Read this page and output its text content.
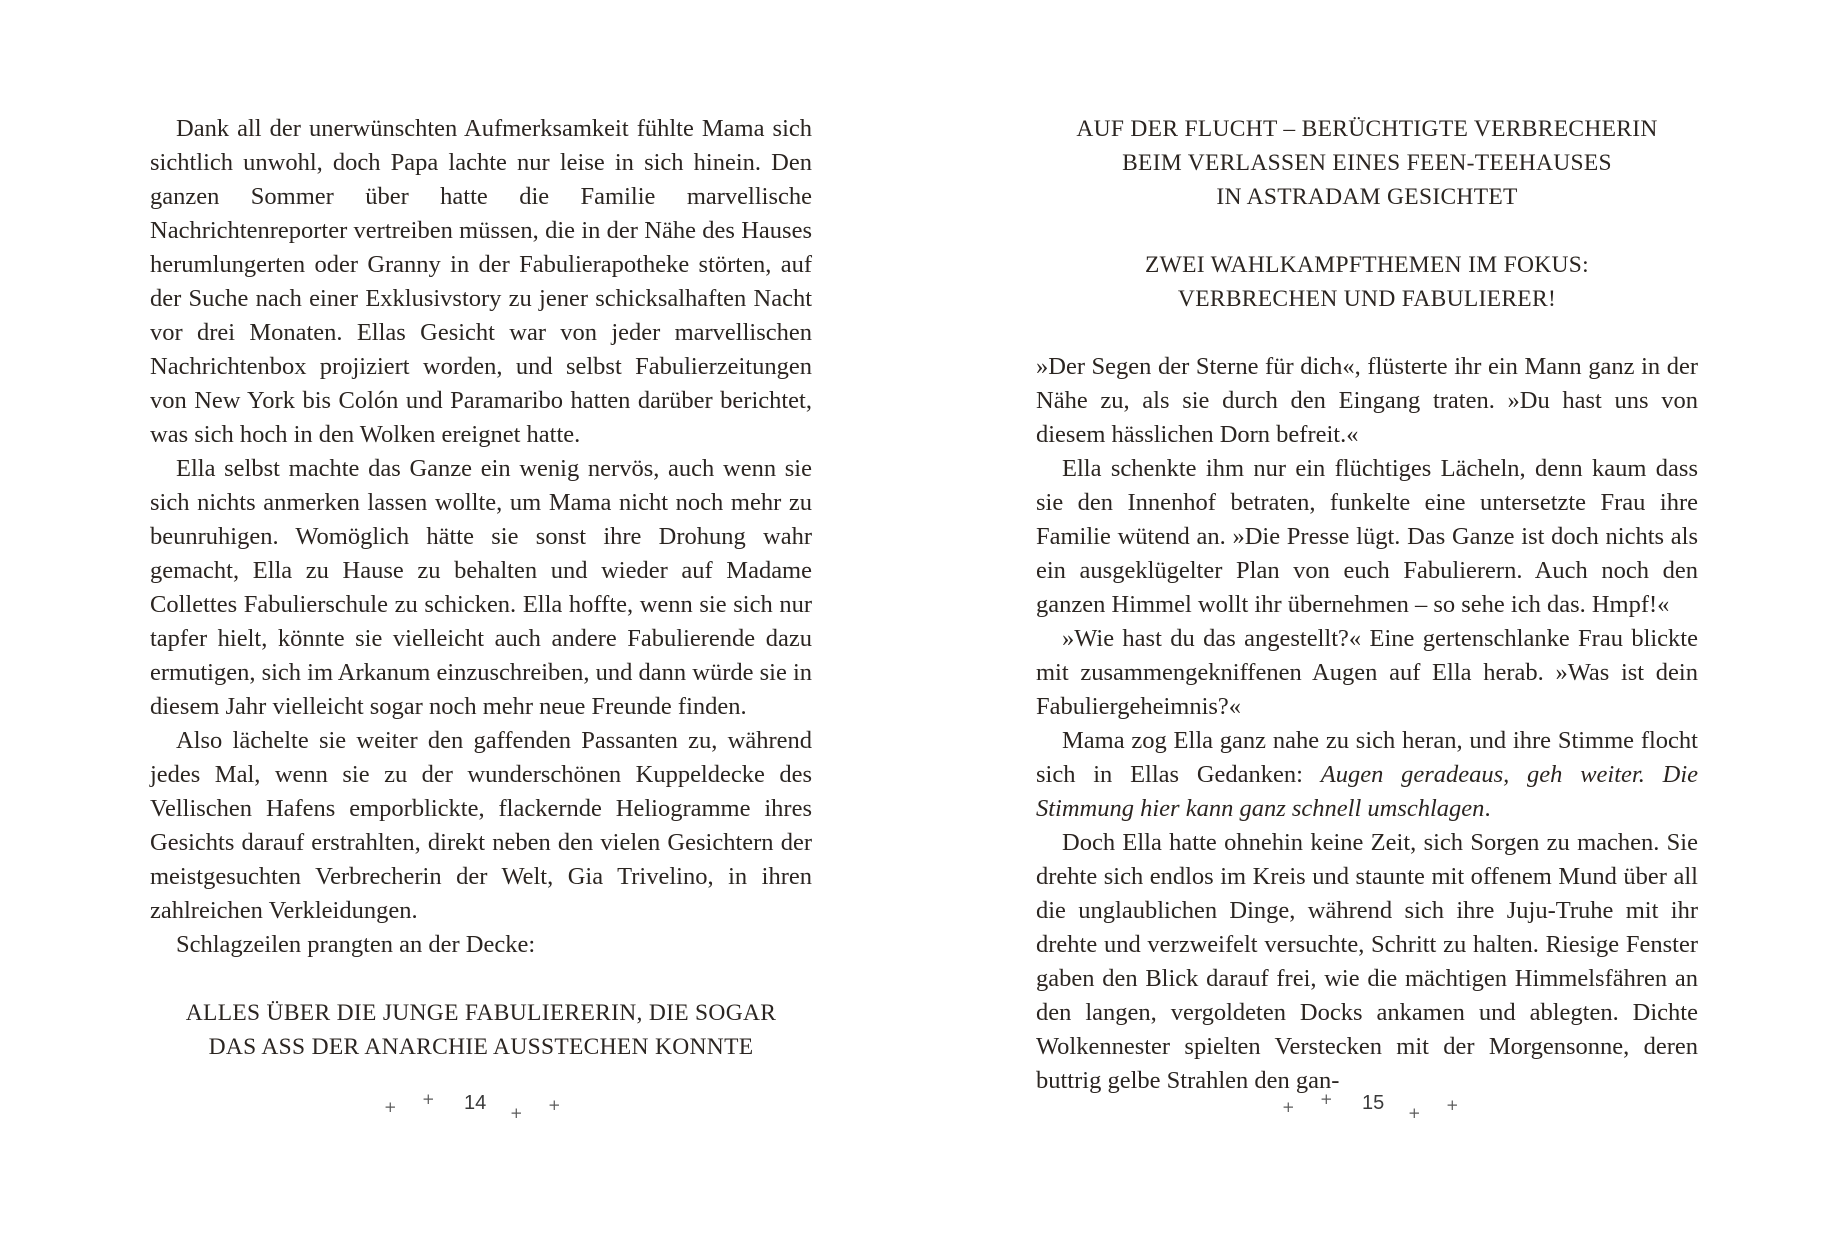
Dank all der unerwünschten Aufmerksamkeit fühlte Mama sich sichtlich unwohl, doch Papa lachte nur leise in sich hinein. Den ganzen Sommer über hatte die Familie marvellische Nachrichtenreporter vertreiben müssen, die in der Nähe des Hauses herumlungerten oder Granny in der Fabulierapotheke störten, auf der Suche nach einer Exklusivstory zu jener schicksalhaften Nacht vor drei Monaten. Ellas Gesicht war von jeder marvellischen Nachrichtenbox projiziert worden, und selbst Fabulierzeitungen von New York bis Colón und Paramaribo hatten darüber berichtet, was sich hoch in den Wolken ereignet hatte.

Ella selbst machte das Ganze ein wenig nervös, auch wenn sie sich nichts anmerken lassen wollte, um Mama nicht noch mehr zu beunruhigen. Womöglich hätte sie sonst ihre Drohung wahr gemacht, Ella zu Hause zu behalten und wieder auf Madame Collettes Fabulierschule zu schicken. Ella hoffte, wenn sie sich nur tapfer hielt, könnte sie vielleicht auch andere Fabulierende dazu ermutigen, sich im Arkanum einzuschreiben, und dann würde sie in diesem Jahr vielleicht sogar noch mehr neue Freunde finden.

Also lächelte sie weiter den gaffenden Passanten zu, während jedes Mal, wenn sie zu der wunderschönen Kuppeldecke des Vellischen Hafens emporblickte, flackernde Heliogramme ihres Gesichts darauf erstrahlten, direkt neben den vielen Gesichtern der meistgesuchten Verbrecherin der Welt, Gia Trivelino, in ihren zahlreichen Verkleidungen.

Schlagzeilen prangten an der Decke:

ALLES ÜBER DIE JUNGE FABULIERERIN, DIE SOGAR
DAS ASS DER ANARCHIE AUSSTECHEN KONNTE
+ + 14 + +
AUF DER FLUCHT – BERÜCHTIGTE VERBRECHERIN
BEIM VERLASSEN EINES FEEN-TEEHAUSES
IN ASTRADAM GESICHTET
ZWEI WAHLKAMPFTHEMEN IM FOKUS:
VERBRECHEN UND FABULIERER!

»Der Segen der Sterne für dich«, flüsterte ihr ein Mann ganz in der Nähe zu, als sie durch den Eingang traten. »Du hast uns von diesem hässlichen Dorn befreit.«

Ella schenkte ihm nur ein flüchtiges Lächeln, denn kaum dass sie den Innenhof betraten, funkelte eine untersetzte Frau ihre Familie wütend an. »Die Presse lügt. Das Ganze ist doch nichts als ein ausgeklügelter Plan von euch Fabulierern. Auch noch den ganzen Himmel wollt ihr übernehmen – so sehe ich das. Hmpf!«

»Wie hast du das angestellt?« Eine gertenschlanke Frau blickte mit zusammengekniffenen Augen auf Ella herab. »Was ist dein Fabuliergeheimnis?«

Mama zog Ella ganz nahe zu sich heran, und ihre Stimme flocht sich in Ellas Gedanken: Augen geradeaus, geh weiter. Die Stimmung hier kann ganz schnell umschlagen.

Doch Ella hatte ohnehin keine Zeit, sich Sorgen zu machen. Sie drehte sich endlos im Kreis und staunte mit offenem Mund über all die unglaublichen Dinge, während sich ihre Juju-Truhe mit ihr drehte und verzweifelt versuchte, Schritt zu halten. Riesige Fenster gaben den Blick darauf frei, wie die mächtigen Himmelsfähren an den langen, vergoldeten Docks ankamen und ablegten. Dichte Wolkennester spielten Verstecken mit der Morgensonne, deren buttrig gelbe Strahlen den gan-

+ + 15 + +
